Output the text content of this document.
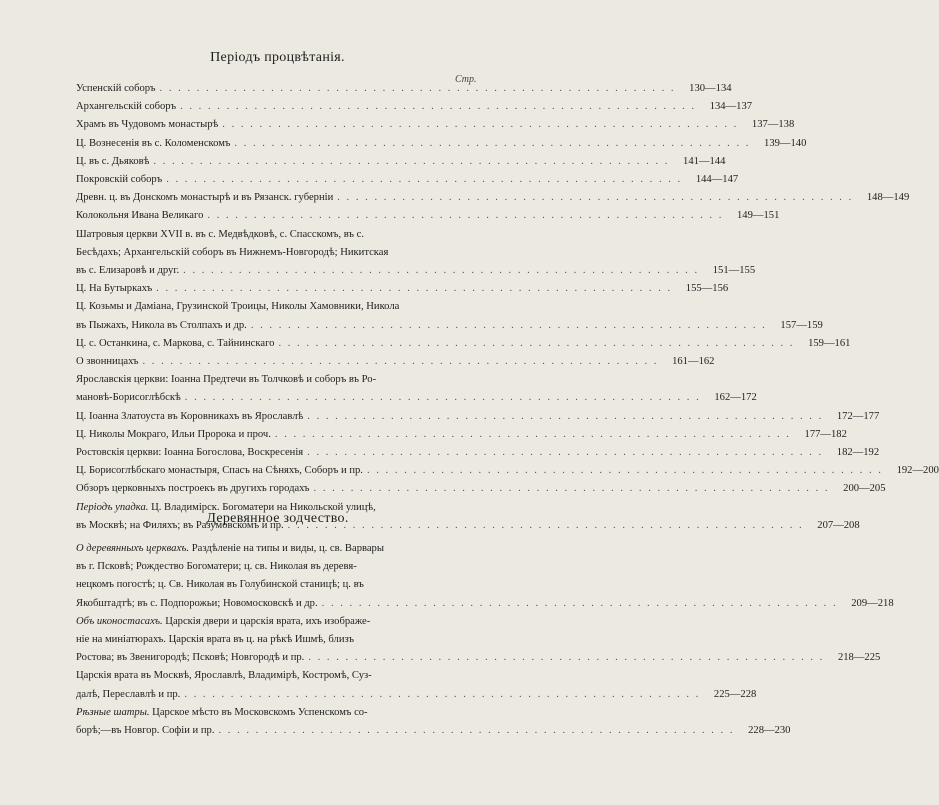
Періодъ процвѣтанія.
Стр.
Успенскій соборъ . . . . . . . . . . . . . . . . . . . . . . . . . . . . . . . . . . . . . . . . . . . . . . . . . . . . . . . .	130—134
Архангельскій соборъ . . . . . . . . . . . . . . . . . . . . . . . . . . . . . . . . . . . . . . . . . . . . . . . . . . . . . . . .	134—137
Храмъ въ Чудовомъ монастырѣ . . . . . . . . . . . . . . . . . . . . . . . . . . . . . . . . . . . . . . . . . . . . . . . . . . . . . . . .	137—138
Ц. Вознесенія въ с. Коломенскомъ . . . . . . . . . . . . . . . . . . . . . . . . . . . . . . . . . . . . . . . . . . . . . . . . . . . . . . . .	139—140
Ц. въ с. Дьяковѣ . . . . . . . . . . . . . . . . . . . . . . . . . . . . . . . . . . . . . . . . . . . . . . . . . . . . . . . .	141—144
Покровскій соборъ . . . . . . . . . . . . . . . . . . . . . . . . . . . . . . . . . . . . . . . . . . . . . . . . . . . . . . . .	144—147
Древн. ц. въ Донскомъ монастырѣ и въ Рязанск. губерніи . . . . . . . . . . . . . . . . . . . . . . . . . . . . . . . . . . . . . . . . . . . . . . . . . . . . . . . .	148—149
Колокольня Ивана Великаго . . . . . . . . . . . . . . . . . . . . . . . . . . . . . . . . . . . . . . . . . . . . . . . . . . . . . . . .	149—151
Шатровыя церкви XVII в. въ с. Медвѣдковѣ, с. Спасскомъ, въ с.
Бесѣдахъ; Архангельскій соборъ въ Нижнемъ-Новгородѣ; Никитская
въ с. Елизаровѣ и друг. . . . . . . . . . . . . . . . . . . . . . . . . . . . . . . . . . . . . . . . . . . . . . . . . . . . . . . . .	151—155
Ц. На Бутыркахъ . . . . . . . . . . . . . . . . . . . . . . . . . . . . . . . . . . . . . . . . . . . . . . . . . . . . . . . .	155—156
Ц. Козьмы и Даміана, Грузинской Троицы, Николы Хамовники, Никола
въ Пыжахъ, Никола въ Столпахъ и др. . . . . . . . . . . . . . . . . . . . . . . . . . . . . . . . . . . . . . . . . . . . . . . . . . . . . . . . .	157—159
Ц. с. Останкина, с. Маркова, с. Тайнинскаго . . . . . . . . . . . . . . . . . . . . . . . . . . . . . . . . . . . . . . . . . . . . . . . . . . . . . . . .	159—161
О звонницахъ . . . . . . . . . . . . . . . . . . . . . . . . . . . . . . . . . . . . . . . . . . . . . . . . . . . . . . . .	161—162
Ярославскія церкви: Іоанна Предтечи въ Толчковѣ и соборъ въ Ро-
мановѣ-Борисоглѣбскѣ . . . . . . . . . . . . . . . . . . . . . . . . . . . . . . . . . . . . . . . . . . . . . . . . . . . . . . . .	162—172
Ц. Іоанна Златоуста въ Коровникахъ въ Ярославлѣ . . . . . . . . . . . . . . . . . . . . . . . . . . . . . . . . . . . . . . . . . . . . . . . . . . . . . . . .	172—177
Ц. Николы Мокраго, Ильи Пророка и проч. . . . . . . . . . . . . . . . . . . . . . . . . . . . . . . . . . . . . . . . . . . . . . . . . . . . . . . . .	177—182
Ростовскія церкви: Іоанна Богослова, Воскресенія . . . . . . . . . . . . . . . . . . . . . . . . . . . . . . . . . . . . . . . . . . . . . . . . . . . . . . . .	182—192
Ц. Борисоглѣбскаго монастыря, Спасъ на Сѣняхъ, Соборъ и пр. . . . . . . . . . . . . . . . . . . . . . . . . . . . . . . . . . . . . . . . . . . . . . . . . . . . . . . . .	192—200
Обзоръ церковныхъ построекъ въ другихъ городахъ . . . . . . . . . . . . . . . . . . . . . . . . . . . . . . . . . . . . . . . . . . . . . . . . . . . . . . . .	200—205
Періодъ упадка. Ц. Владимірск. Богоматери на Никольской улицѣ,
въ Москвѣ; на Филяхъ; въ Разумовскомъ и пр. . . . . . . . . . . . . . . . . . . . . . . . . . . . . . . . . . . . . . . . . . . . . . . . . . . . . . . . .	207—208
Деревянное зодчество.
О деревянныхъ церквахъ. Раздѣленіе на типы и виды, ц. св. Варвары
въ г. Псковѣ; Рождество Богоматери; ц. св. Николая въ деревя-
нецкомъ погостѣ; ц. Св. Николая въ Голубинской станицѣ; ц. въ
Якобштадтѣ; въ с. Подпорожьи; Новомосковскѣ и др. . . . . . . . . . . . . . . . . . . . . . . . . . . . . . . . . . . . . . . . . . . . . . . . . . . . . . . . .	209—218
Объ иконостасахъ. Царскія двери и царскія врата, ихъ изображе-
ніе на миніатюрахъ. Царскія врата въ ц. на рѣкѣ Ишмѣ, близъ
Ростова; въ Звенигородѣ; Псковѣ; Новгородѣ и пр. . . . . . . . . . . . . . . . . . . . . . . . . . . . . . . . . . . . . . . . . . . . . . . . . . . . . . . . .	218—225
Царскія врата въ Москвѣ, Ярославлѣ, Владимірѣ, Костромѣ, Суз-
далѣ, Переславлѣ и пр. . . . . . . . . . . . . . . . . . . . . . . . . . . . . . . . . . . . . . . . . . . . . . . . . . . . . . . . .	225—228
Рѣзные шатры. Царское мѣсто въ Московскомъ Успенскомъ со-
борѣ;—въ Новгор. Софіи и пр. . . . . . . . . . . . . . . . . . . . . . . . . . . . . . . . . . . . . . . . . . . . . . . . . . . . . . . . .	228—230
